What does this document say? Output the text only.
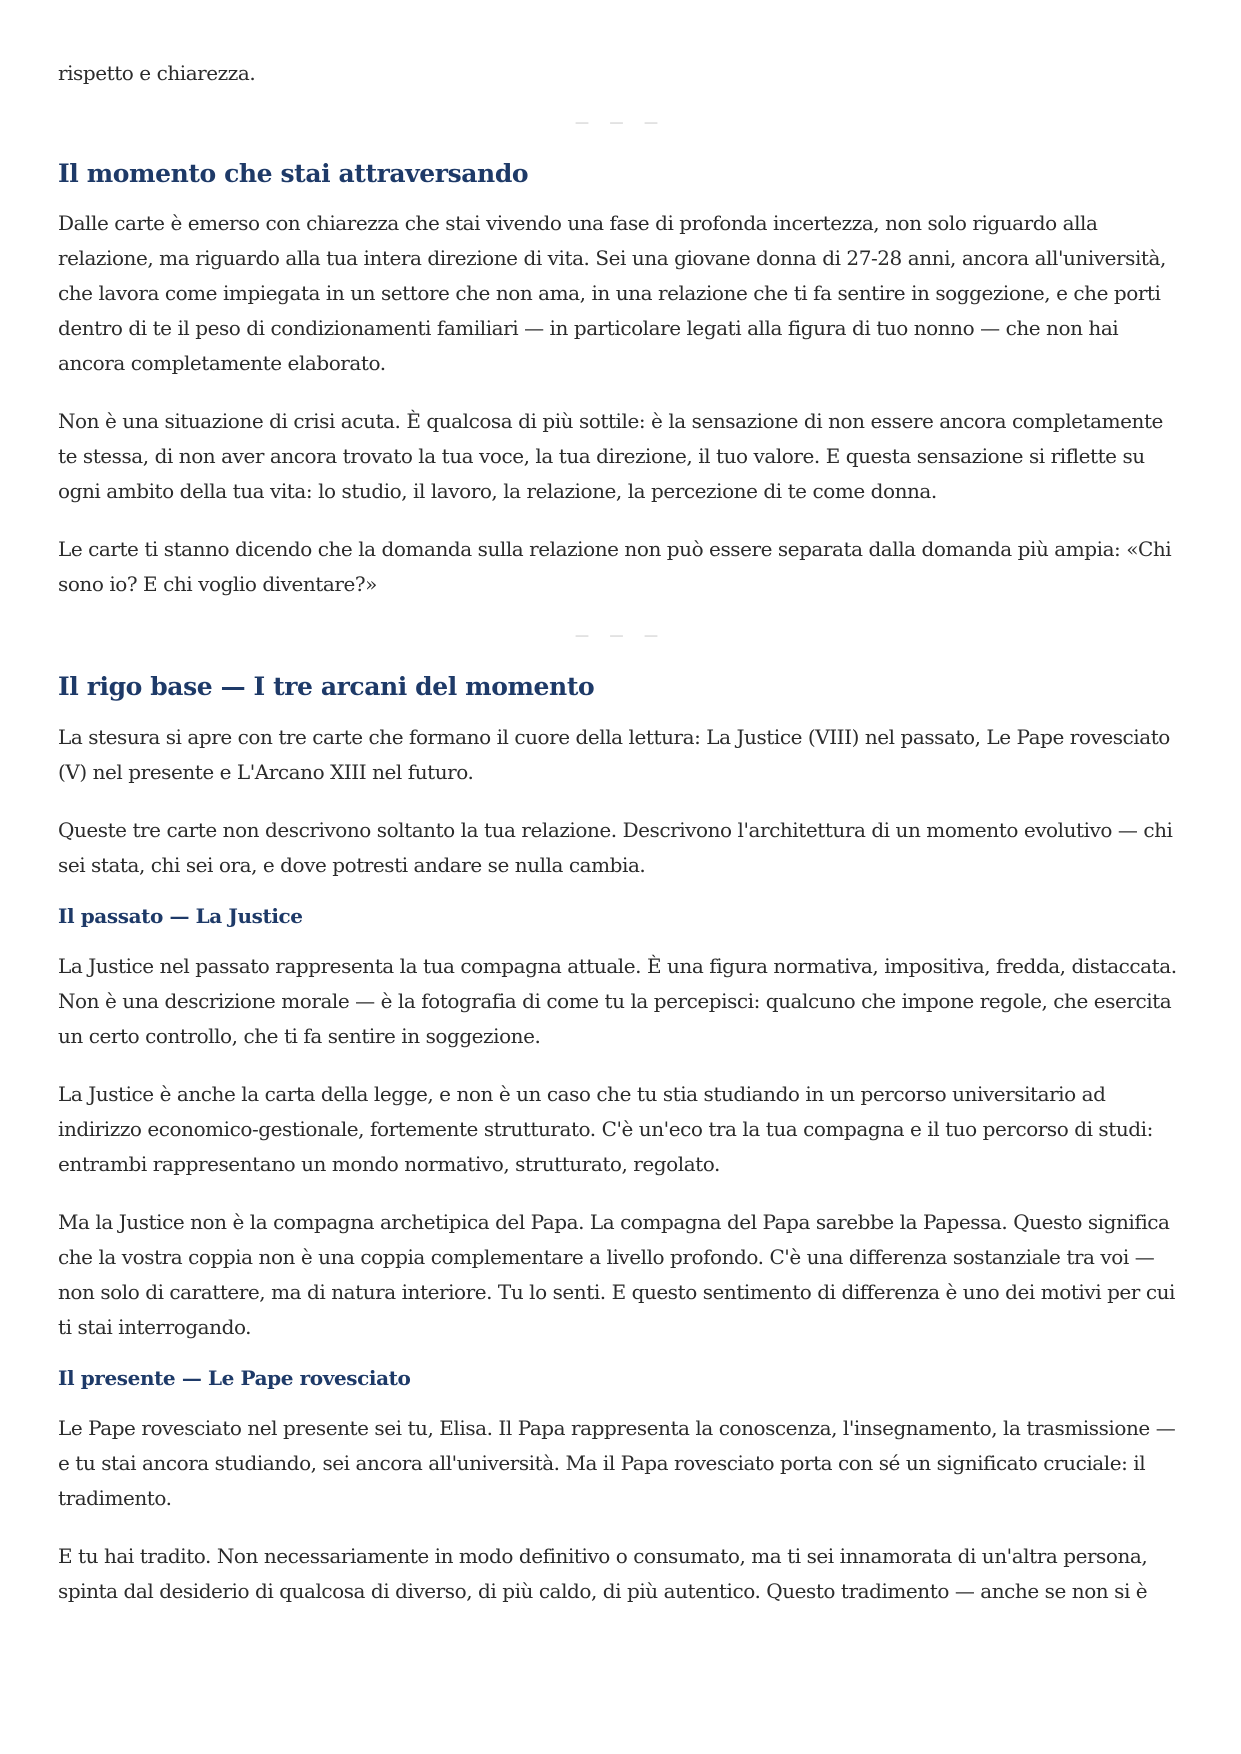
rispetto e chiarezza.

— — —
Il momento che stai attraversando

Dalle carte è emerso con chiarezza che stai vivendo una fase di profonda incertezza, non solo riguardo alla relazione, ma riguardo alla tua intera direzione di vita. Sei una giovane donna di 27-28 anni, ancora all'università, che lavora come impiegata in un settore che non ama, in una relazione che ti fa sentire in soggezione, e che porti dentro di te il peso di condizionamenti familiari — in particolare legati alla figura di tuo nonno — che non hai ancora completamente elaborato.

Non è una situazione di crisi acuta. È qualcosa di più sottile: è la sensazione di non essere ancora completamente te stessa, di non aver ancora trovato la tua voce, la tua direzione, il tuo valore. E questa sensazione si riflette su ogni ambito della tua vita: lo studio, il lavoro, la relazione, la percezione di te come donna.

Le carte ti stanno dicendo che la domanda sulla relazione non può essere separata dalla domanda più ampia: «Chi sono io? E chi voglio diventare?»

— — —
Il rigo base — I tre arcani del momento

La stesura si apre con tre carte che formano il cuore della lettura: La Justice (VIII) nel passato, Le Pape rovesciato (V) nel presente e L'Arcano XIII nel futuro.

Queste tre carte non descrivono soltanto la tua relazione. Descrivono l'architettura di un momento evolutivo — chi sei stata, chi sei ora, e dove potresti andare se nulla cambia.

Il passato — La Justice

La Justice nel passato rappresenta la tua compagna attuale. È una figura normativa, impositiva, fredda, distaccata. Non è una descrizione morale — è la fotografia di come tu la percepisci: qualcuno che impone regole, che esercita un certo controllo, che ti fa sentire in soggezione.

La Justice è anche la carta della legge, e non è un caso che tu stia studiando in un percorso universitario ad indirizzo economico-gestionale, fortemente strutturato. C'è un'eco tra la tua compagna e il tuo percorso di studi: entrambi rappresentano un mondo normativo, strutturato, regolato.

Ma la Justice non è la compagna archetipica del Papa. La compagna del Papa sarebbe la Papessa. Questo significa che la vostra coppia non è una coppia complementare a livello profondo. C'è una differenza sostanziale tra voi — non solo di carattere, ma di natura interiore. Tu lo senti. E questo sentimento di differenza è uno dei motivi per cui ti stai interrogando.

Il presente — Le Pape rovesciato

Le Pape rovesciato nel presente sei tu, Elisa. Il Papa rappresenta la conoscenza, l'insegnamento, la trasmissione — e tu stai ancora studiando, sei ancora all'università. Ma il Papa rovesciato porta con sé un significato cruciale: il tradimento.

E tu hai tradito. Non necessariamente in modo definitivo o consumato, ma ti sei innamorata di un'altra persona, spinta dal desiderio di qualcosa di diverso, di più caldo, di più autentico. Questo tradimento — anche se non si è
